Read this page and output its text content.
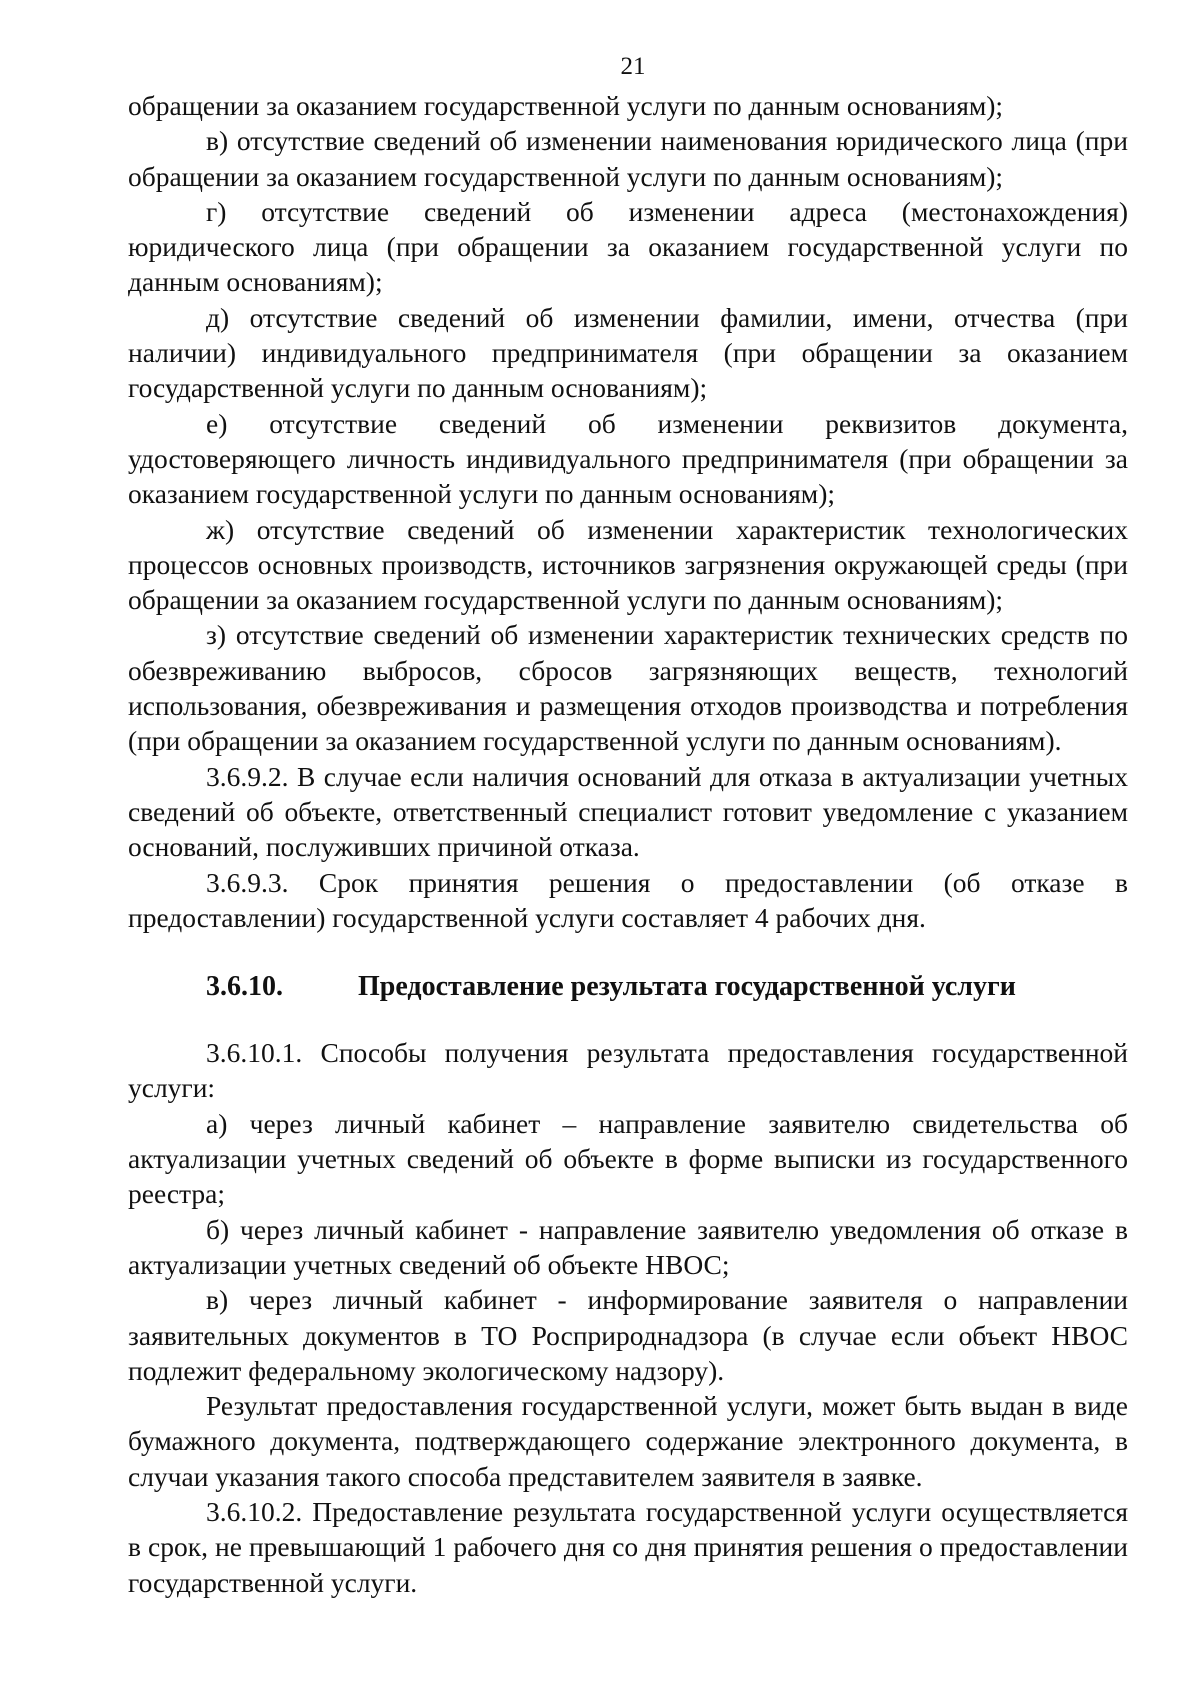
21

обращении за оказанием государственной услуги по данным основаниям);

в) отсутствие сведений об изменении наименования юридического лица (при обращении за оказанием государственной услуги по данным основаниям);

г) отсутствие сведений об изменении адреса (местонахождения) юридического лица (при обращении за оказанием государственной услуги по данным основаниям);

д) отсутствие сведений об изменении фамилии, имени, отчества (при наличии) индивидуального предпринимателя (при обращении за оказанием государственной услуги по данным основаниям);

е) отсутствие сведений об изменении реквизитов документа, удостоверяющего личность индивидуального предпринимателя (при обращении за оказанием государственной услуги по данным основаниям);

ж) отсутствие сведений об изменении характеристик технологических процессов основных производств, источников загрязнения окружающей среды (при обращении за оказанием государственной услуги по данным основаниям);

з) отсутствие сведений об изменении характеристик технических средств по обезвреживанию выбросов, сбросов загрязняющих веществ, технологий использования, обезвреживания и размещения отходов производства и потребления (при обращении за оказанием государственной услуги по данным основаниям).

3.6.9.2. В случае если наличия оснований для отказа в актуализации учетных сведений об объекте, ответственный специалист готовит уведомление с указанием оснований, послуживших причиной отказа.

3.6.9.3. Срок принятия решения о предоставлении (об отказе в предоставлении) государственной услуги составляет 4 рабочих дня.

3.6.10.	Предоставление результата государственной услуги

3.6.10.1. Способы получения результата предоставления государственной услуги:

а) через личный кабинет – направление заявителю свидетельства об актуализации учетных сведений об объекте в форме выписки из государственного реестра;

б) через личный кабинет - направление заявителю уведомления об отказе в актуализации учетных сведений об объекте НВОС;

в) через личный кабинет - информирование заявителя о направлении заявительных документов в ТО Росприроднадзора (в случае если объект НВОС подлежит федеральному экологическому надзору).

Результат предоставления государственной услуги, может быть выдан в виде бумажного документа, подтверждающего содержание электронного документа, в случаи указания такого способа представителем заявителя в заявке.

3.6.10.2. Предоставление результата государственной услуги осуществляется в срок, не превышающий 1 рабочего дня со дня принятия решения о предоставлении государственной услуги.
